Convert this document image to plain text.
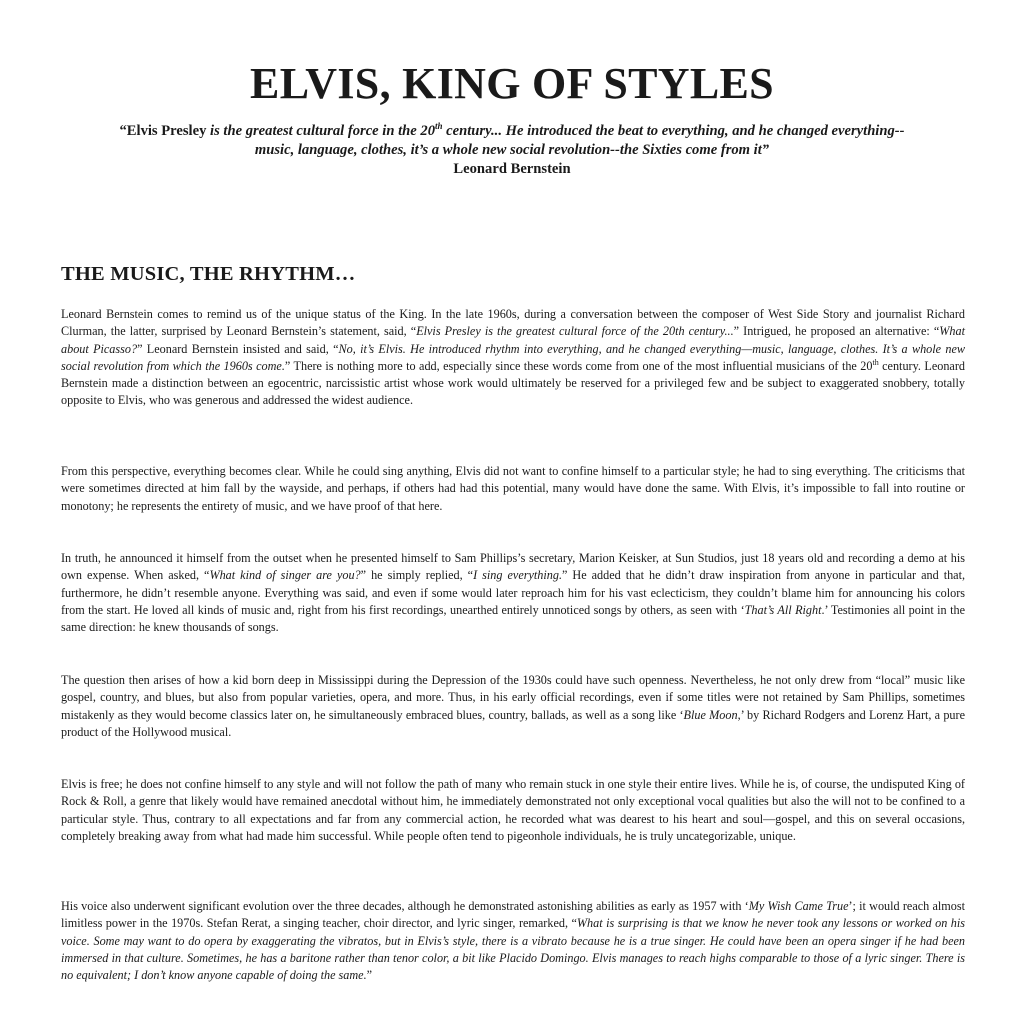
ELVIS, KING OF STYLES

“Elvis Presley is the greatest cultural force in the 20th century... He introduced the beat to everything, and he changed everything--music, language, clothes, it’s a whole new social revolution--the Sixties come from it”
Leonard Bernstein

THE MUSIC, THE RHYTHM…

Leonard Bernstein comes to remind us of the unique status of the King. In the late 1960s, during a conversation between the composer of West Side Story and journalist Richard Clurman, the latter, surprised by Leonard Bernstein’s statement, said, “Elvis Presley is the greatest cultural force of the 20th century...” Intrigued, he proposed an alternative: “What about Picasso?” Leonard Bernstein insisted and said, “No, it’s Elvis. He introduced rhythm into everything, and he changed everything—music, language, clothes. It’s a whole new social revolution from which the 1960s come.” There is nothing more to add, especially since these words come from one of the most influential musicians of the 20th century. Leonard Bernstein made a distinction between an egocentric, narcissistic artist whose work would ultimately be reserved for a privileged few and be subject to exaggerated snobbery, totally opposite to Elvis, who was generous and addressed the widest audience.

From this perspective, everything becomes clear. While he could sing anything, Elvis did not want to confine himself to a particular style; he had to sing everything. The criticisms that were sometimes directed at him fall by the wayside, and perhaps, if others had had this potential, many would have done the same. With Elvis, it’s impossible to fall into routine or monotony; he represents the entirety of music, and we have proof of that here.

In truth, he announced it himself from the outset when he presented himself to Sam Phillips’s secretary, Marion Keisker, at Sun Studios, just 18 years old and recording a demo at his own expense. When asked, “What kind of singer are you?” he simply replied, “I sing everything.” He added that he didn’t draw inspiration from anyone in particular and that, furthermore, he didn’t resemble anyone. Everything was said, and even if some would later reproach him for his vast eclecticism, they couldn’t blame him for announcing his colors from the start. He loved all kinds of music and, right from his first recordings, unearthed entirely unnoticed songs by others, as seen with ‘That’s All Right.’ Testimonies all point in the same direction: he knew thousands of songs.

The question then arises of how a kid born deep in Mississippi during the Depression of the 1930s could have such openness. Nevertheless, he not only drew from “local” music like gospel, country, and blues, but also from popular varieties, opera, and more. Thus, in his early official recordings, even if some titles were not retained by Sam Phillips, sometimes mistakenly as they would become classics later on, he simultaneously embraced blues, country, ballads, as well as a song like ‘Blue Moon,’ by Richard Rodgers and Lorenz Hart, a pure product of the Hollywood musical.

Elvis is free; he does not confine himself to any style and will not follow the path of many who remain stuck in one style their entire lives. While he is, of course, the undisputed King of Rock & Roll, a genre that likely would have remained anecdotal without him, he immediately demonstrated not only exceptional vocal qualities but also the will not to be confined to a particular style. Thus, contrary to all expectations and far from any commercial action, he recorded what was dearest to his heart and soul—gospel, and this on several occasions, completely breaking away from what had made him successful. While people often tend to pigeonhole individuals, he is truly uncategorizable, unique.

His voice also underwent significant evolution over the three decades, although he demonstrated astonishing abilities as early as 1957 with ‘My Wish Came True’; it would reach almost limitless power in the 1970s. Stefan Rerat, a singing teacher, choir director, and lyric singer, remarked, “What is surprising is that we know he never took any lessons or worked on his voice. Some may want to do opera by exaggerating the vibratos, but in Elvis’s style, there is a vibrato because he is a true singer. He could have been an opera singer if he had been immersed in that culture. Sometimes, he has a baritone rather than tenor color, a bit like Placido Domingo. Elvis manages to reach highs comparable to those of a lyric singer. There is no equivalent; I don’t know anyone capable of doing the same.”
